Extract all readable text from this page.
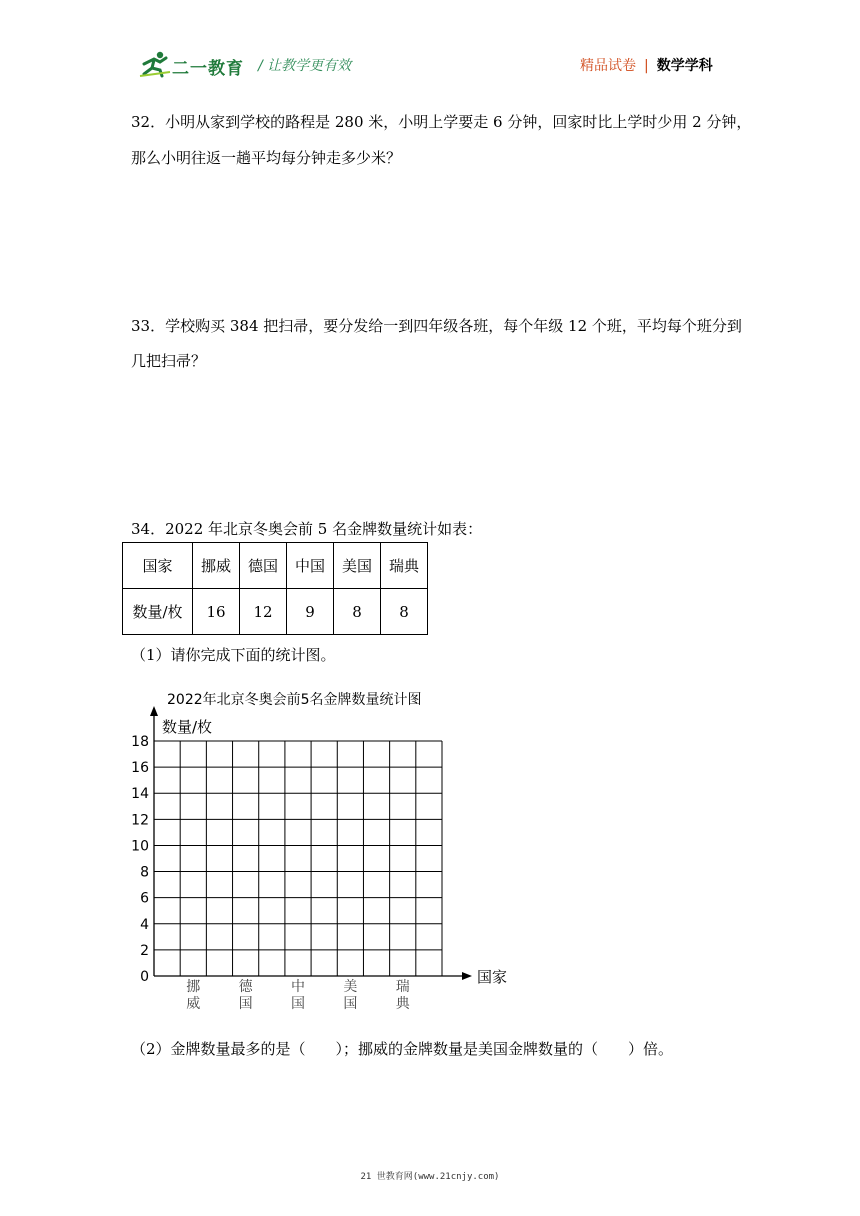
二一教育 / 让教学更有效	精品试卷 | 数学学科
32．小明从家到学校的路程是 280 米，小明上学要走 6 分钟，回家时比上学时少用 2 分钟，
那么小明往返一趟平均每分钟走多少米？
33．学校购买 384 把扫帚，要分发给一到四年级各班，每个年级 12 个班，平均每个班分到
几把扫帚？
34．2022 年北京冬奥会前 5 名金牌数量统计如表：
国家	挪威	德国	中国	美国	瑞典
数量/枚	16	12	9	8	8
（1）请你完成下面的统计图。
2022年北京冬奥会前5名金牌数量统计图
数量/枚
国家
0
2
4
6
8
10
12
14
16
18
挪
威
德
国
中
国
美
国
瑞
典
（2）金牌数量最多的是（　　）；挪威的金牌数量是美国金牌数量的（　　）倍。
21 世教育网(www.21cnjy.com)
